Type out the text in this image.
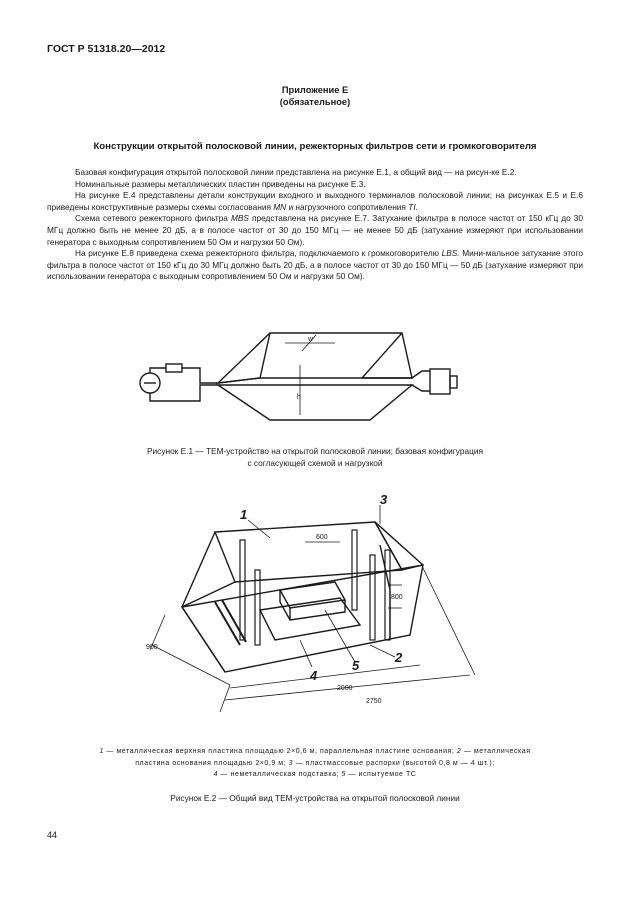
ГОСТ Р 51318.20—2012
Приложение Е
(обязательное)
Конструкции открытой полосковой линии, режекторных фильтров сети и громкоговорителя

Базовая конфигурация открытой полосковой линии представлена на рисунке Е.1, а общий вид — на рисун-ке Е.2.

Номинальные размеры металлических пластин приведены на рисунке Е.3.

На рисунке Е.4 представлены детали конструкции входного и выходного терминалов полосковой линии; на рисунках Е.5 и Е.6 приведены конструктивные размеры схемы согласования MN и нагрузочного сопротивления TI.

Схема сетевого режекторного фильтра MBS представлена на рисунке Е.7. Затухание фильтра в полосе частот от 150 кГц до 30 МГц должно быть не менее 20 дБ, а в полосе частот от 30 до 150 МГц — не менее 50 дБ (затухание измеряют при использовании генератора с выходным сопротивлением 50 Ом и нагрузки 50 Ом).

На рисунке Е.8 приведена схема режекторного фильтра, подключаемого к громкоговорителю LBS. Мини-мальное затухание этого фильтра в полосе частот от 150 кГц до 30 МГц должно быть 20 дБ, а в полосе частот от 30 до 150 МГц — 50 дБ (затухание измеряют при использовании генератора с выходным сопротивлением 50 Ом и нагрузки 50 Ом).

w
h
Рисунок Е.1 — ТЕМ-устройство на открытой полосковой линии; базовая конфигурация
с согласующей схемой и нагрузкой
1
2
3
4
5
600
800
900
2000
2750
1 — металлическая верхняя пластина площадью 2×0,6 м, параллельная пластине основания; 2 — металлическая
пластина основания площадью 2×0,9 м; 3 — пластмассовые распорки (высотой 0,8 м — 4 шт.);
4 — неметаллическая подставка; 5 — испытуемое ТС
Рисунок Е.2 — Общий вид ТЕМ-устройства на открытой полосковой линии
44
